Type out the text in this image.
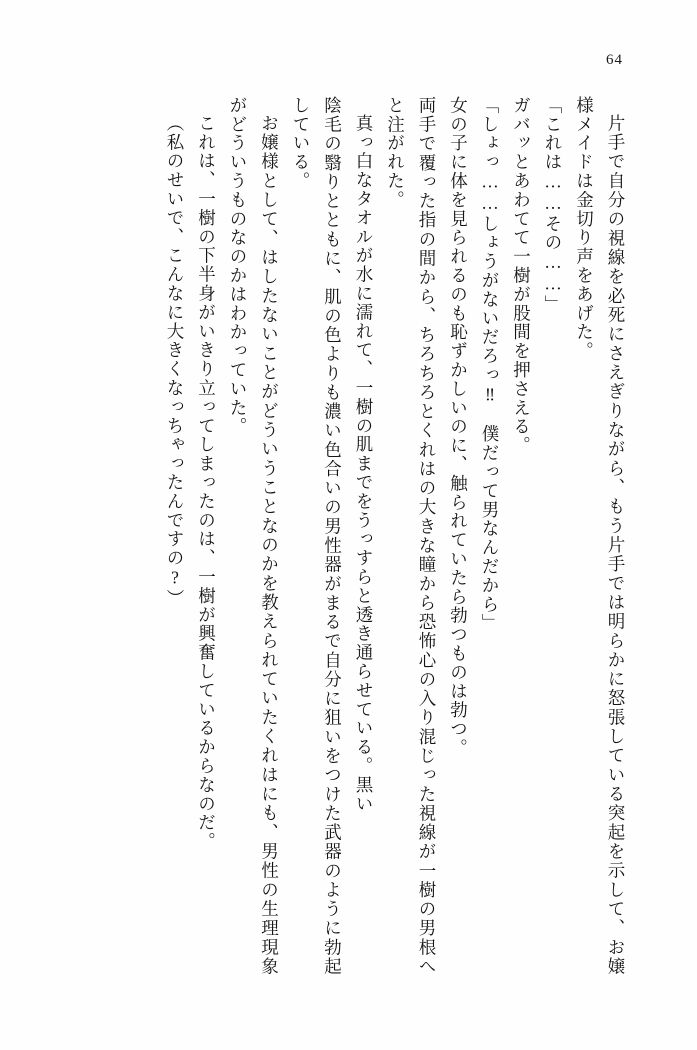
64

片手で自分の視線を必死にさえぎりながら、もう片手では明らかに怒張している突起を示して、お嬢様メイドは金切り声をあげた。

「これは……その……」

ガバッとあわてて一樹が股間を押さえる。

「しょっ……しょうがないだろっ‼　僕だって男なんだから」

女の子に体を見られるのも恥ずかしいのに、触られていたら勃つものは勃つ。

両手で覆った指の間から、ちろちろとくれはの大きな瞳から恐怖心の入り混じった視線が一樹の男根へと注がれた。

真っ白なタオルが水に濡れて、一樹の肌までをうっすらと透き通らせている。黒い

陰毛の翳りとともに、肌の色よりも濃い色合いの男性器がまるで自分に狙いをつけた武器のように勃起している。

お嬢様として、はしたないことがどういうことなのかを教えられていたくれはにも、男性の生理現象がどういうものなのかはわかっていた。

これは、一樹の下半身がいきり立ってしまったのは、一樹が興奮しているからなのだ。

（私のせいで、こんなに大きくなっちゃったんですの?）
